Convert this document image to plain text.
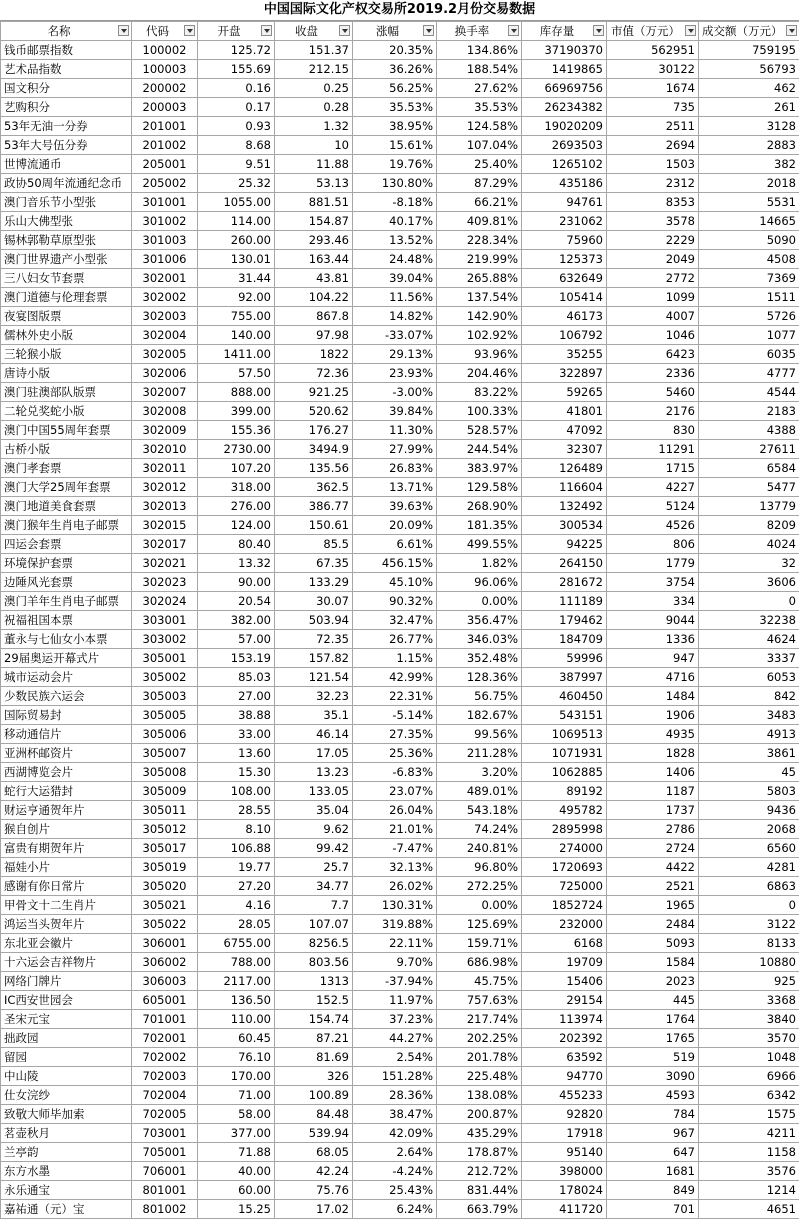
中国国际文化产权交易所2019.2月份交易数据
名称	代码	开盘	收盘	涨幅	换手率	库存量	市值（万元）	成交额（万元）

钱币邮票指数	100002	125.72	151.37	20.35%	134.86%	37190370	562951	759195
艺术品指数	100003	155.69	212.15	36.26%	188.54%	1419865	30122	56793
国文积分	200002	0.16	0.25	56.25%	27.62%	66969756	1674	462
艺购积分	200003	0.17	0.28	35.53%	35.53%	26234382	735	261
53年无油一分券	201001	0.93	1.32	38.95%	124.58%	19020209	2511	3128
53年大号伍分券	201002	8.68	10	15.61%	107.04%	2693503	2694	2883
世博流通币	205001	9.51	11.88	19.76%	25.40%	1265102	1503	382
政协50周年流通纪念币	205002	25.32	53.13	130.80%	87.29%	435186	2312	2018
澳门音乐节小型张	301001	1055.00	881.51	-8.18%	66.21%	94761	8353	5531
乐山大佛型张	301002	114.00	154.87	40.17%	409.81%	231062	3578	14665
锡林郭勒草原型张	301003	260.00	293.46	13.52%	228.34%	75960	2229	5090
澳门世界遗产小型张	301006	130.01	163.44	24.48%	219.99%	125373	2049	4508
三八妇女节套票	302001	31.44	43.81	39.04%	265.88%	632649	2772	7369
澳门道德与伦理套票	302002	92.00	104.22	11.56%	137.54%	105414	1099	1511
夜宴图版票	302003	755.00	867.8	14.82%	142.90%	46173	4007	5726
儒林外史小版	302004	140.00	97.98	-33.07%	102.92%	106792	1046	1077
三轮猴小版	302005	1411.00	1822	29.13%	93.96%	35255	6423	6035
唐诗小版	302006	57.50	72.36	23.93%	204.46%	322897	2336	4777
澳门驻澳部队版票	302007	888.00	921.25	-3.00%	83.22%	59265	5460	4544
二轮兑奖蛇小版	302008	399.00	520.62	39.84%	100.33%	41801	2176	2183
澳门中国55周年套票	302009	155.36	176.27	11.30%	528.57%	47092	830	4388
古桥小版	302010	2730.00	3494.9	27.99%	244.54%	32307	11291	27611
澳门孝套票	302011	107.20	135.56	26.83%	383.97%	126489	1715	6584
澳门大学25周年套票	302012	318.00	362.5	13.71%	129.58%	116604	4227	5477
澳门地道美食套票	302013	276.00	386.77	39.63%	268.90%	132492	5124	13779
澳门猴年生肖电子邮票	302015	124.00	150.61	20.09%	181.35%	300534	4526	8209
四运会套票	302017	80.40	85.5	6.61%	499.55%	94225	806	4024
环境保护套票	302021	13.32	67.35	456.15%	1.82%	264150	1779	32
边陲风光套票	302023	90.00	133.29	45.10%	96.06%	281672	3754	3606
澳门羊年生肖电子邮票	302024	20.54	30.07	90.32%	0.00%	111189	334	0
祝福祖国本票	303001	382.00	503.94	32.47%	356.47%	179462	9044	32238
董永与七仙女小本票	303002	57.00	72.35	26.77%	346.03%	184709	1336	4624
29届奥运开幕式片	305001	153.19	157.82	1.15%	352.48%	59996	947	3337
城市运动会片	305002	85.03	121.54	42.99%	128.36%	387997	4716	6053
少数民族六运会	305003	27.00	32.23	22.31%	56.75%	460450	1484	842
国际贸易封	305005	38.88	35.1	-5.14%	182.67%	543151	1906	3483
移动通信片	305006	33.00	46.14	27.35%	99.56%	1069513	4935	4913
亚洲杯邮资片	305007	13.60	17.05	25.36%	211.28%	1071931	1828	3861
西湖博览会片	305008	15.30	13.23	-6.83%	3.20%	1062885	1406	45
蛇行大运猎封	305009	108.00	133.05	23.07%	489.01%	89192	1187	5803
财运亨通贺年片	305011	28.55	35.04	26.04%	543.18%	495782	1737	9436
猴自创片	305012	8.10	9.62	21.01%	74.24%	2895998	2786	2068
富贵有期贺年片	305017	106.88	99.42	-7.47%	240.81%	274000	2724	6560
福娃小片	305019	19.77	25.7	32.13%	96.80%	1720693	4422	4281
感谢有你日常片	305020	27.20	34.77	26.02%	272.25%	725000	2521	6863
甲骨文十二生肖片	305021	4.16	7.7	130.31%	0.00%	1852724	1965	0
鸿运当头贺年片	305022	28.05	107.07	319.88%	125.69%	232000	2484	3122
东北亚会徽片	306001	6755.00	8256.5	22.11%	159.71%	6168	5093	8133
十六运会吉祥物片	306002	788.00	803.56	9.70%	686.98%	19709	1584	10880
网络门牌片	306003	2117.00	1313	-37.94%	45.75%	15406	2023	925
IC西安世园会	605001	136.50	152.5	11.97%	757.63%	29154	445	3368
圣宋元宝	701001	110.00	154.74	37.23%	217.74%	113974	1764	3840
拙政园	702001	60.45	87.21	44.27%	202.25%	202392	1765	3570
留园	702002	76.10	81.69	2.54%	201.78%	63592	519	1048
中山陵	702003	170.00	326	151.28%	225.48%	94770	3090	6966
仕女浣纱	702004	71.00	100.89	28.36%	138.08%	455233	4593	6342
致敬大师毕加索	702005	58.00	84.48	38.47%	200.87%	92820	784	1575
茗壶秋月	703001	377.00	539.94	42.09%	435.29%	17918	967	4211
兰亭韵	705001	71.88	68.05	2.64%	178.87%	95140	647	1158
东方水墨	706001	40.00	42.24	-4.24%	212.72%	398000	1681	3576
永乐通宝	801001	60.00	75.76	25.43%	831.44%	178024	849	1214
嘉祐通（元）宝	801002	15.25	17.02	6.24%	663.79%	411720	701	4651
